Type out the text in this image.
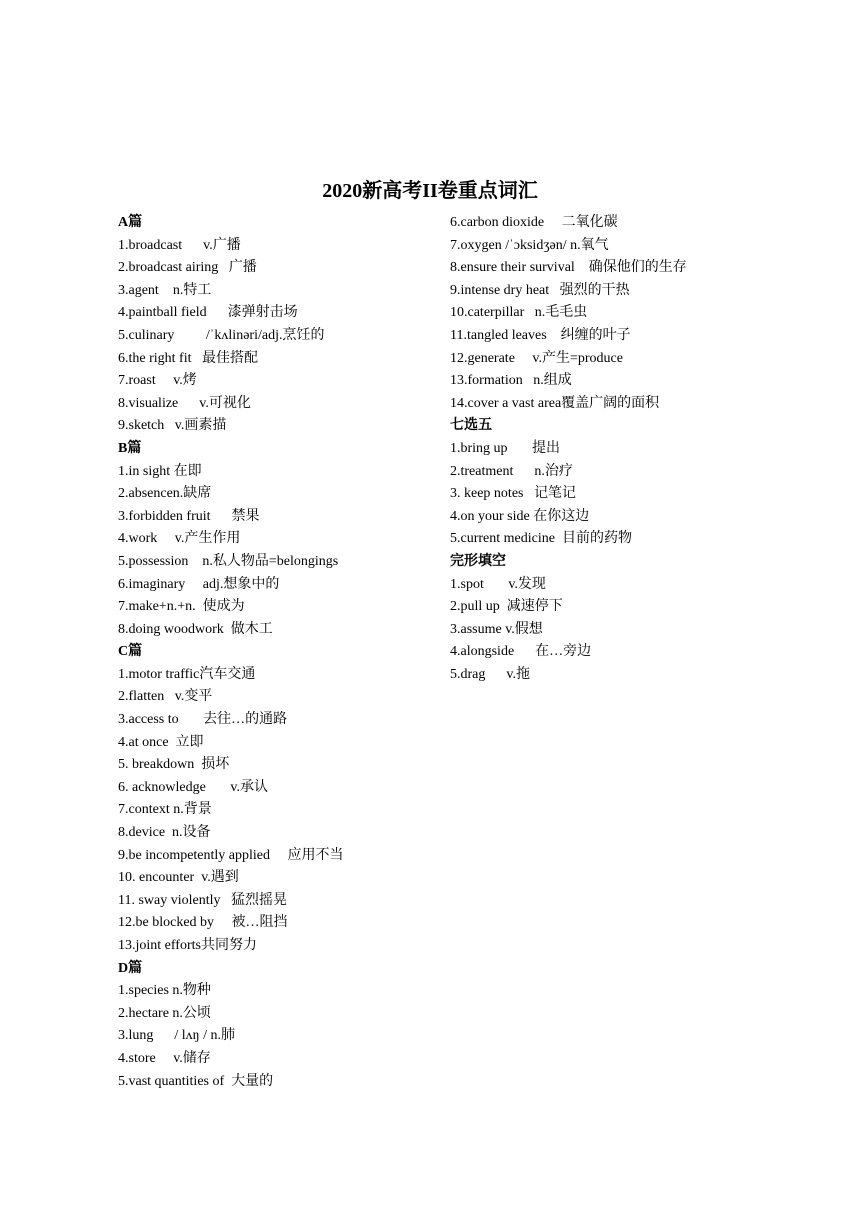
2020新高考II卷重点词汇
A篇
1.broadcast      v.广播
2.broadcast airing   广播
3.agent    n.特工
4.paintball field      漆弹射击场
5.culinary         /ˈkʌlinəri/adj.烹饪的
6.the right fit   最佳搭配
7.roast     v.烤
8.visualize      v.可视化
9.sketch   v.画素描
B篇
1.in sight 在即
2.absencen.缺席
3.forbidden fruit      禁果
4.work     v.产生作用
5.possession    n.私人物品=belongings
6.imaginary     adj.想象中的
7.make+n.+n.  使成为
8.doing woodwork  做木工
C篇
1.motor traffic汽车交通
2.flatten   v.变平
3.access to       去往…的通路
4.at once  立即
5. breakdown  损坏
6. acknowledge       v.承认
7.context n.背景
8.device  n.设备
9.be incompetently applied     应用不当
10. encounter  v.遇到
11. sway violently   猛烈摇晃
12.be blocked by     被…阻挡
13.joint efforts共同努力
D篇
1.species n.物种
2.hectare n.公顷
3.lung      / lʌŋ / n.肺
4.store     v.储存
5.vast quantities of  大量的
6.carbon dioxide     二氧化碳
7.oxygen /ˈɔksidʒən/ n.氧气
8.ensure their survival    确保他们的生存
9.intense dry heat   强烈的干热
10.caterpillar   n.毛毛虫
11.tangled leaves    纠缠的叶子
12.generate     v.产生=produce
13.formation   n.组成
14.cover a vast area覆盖广阔的面积
七选五
1.bring up       提出
2.treatment      n.治疗
3. keep notes   记笔记
4.on your side 在你这边
5.current medicine  目前的药物
完形填空
1.spot       v.发现
2.pull up  减速停下
3.assume v.假想
4.alongside      在…旁边
5.drag      v.拖
